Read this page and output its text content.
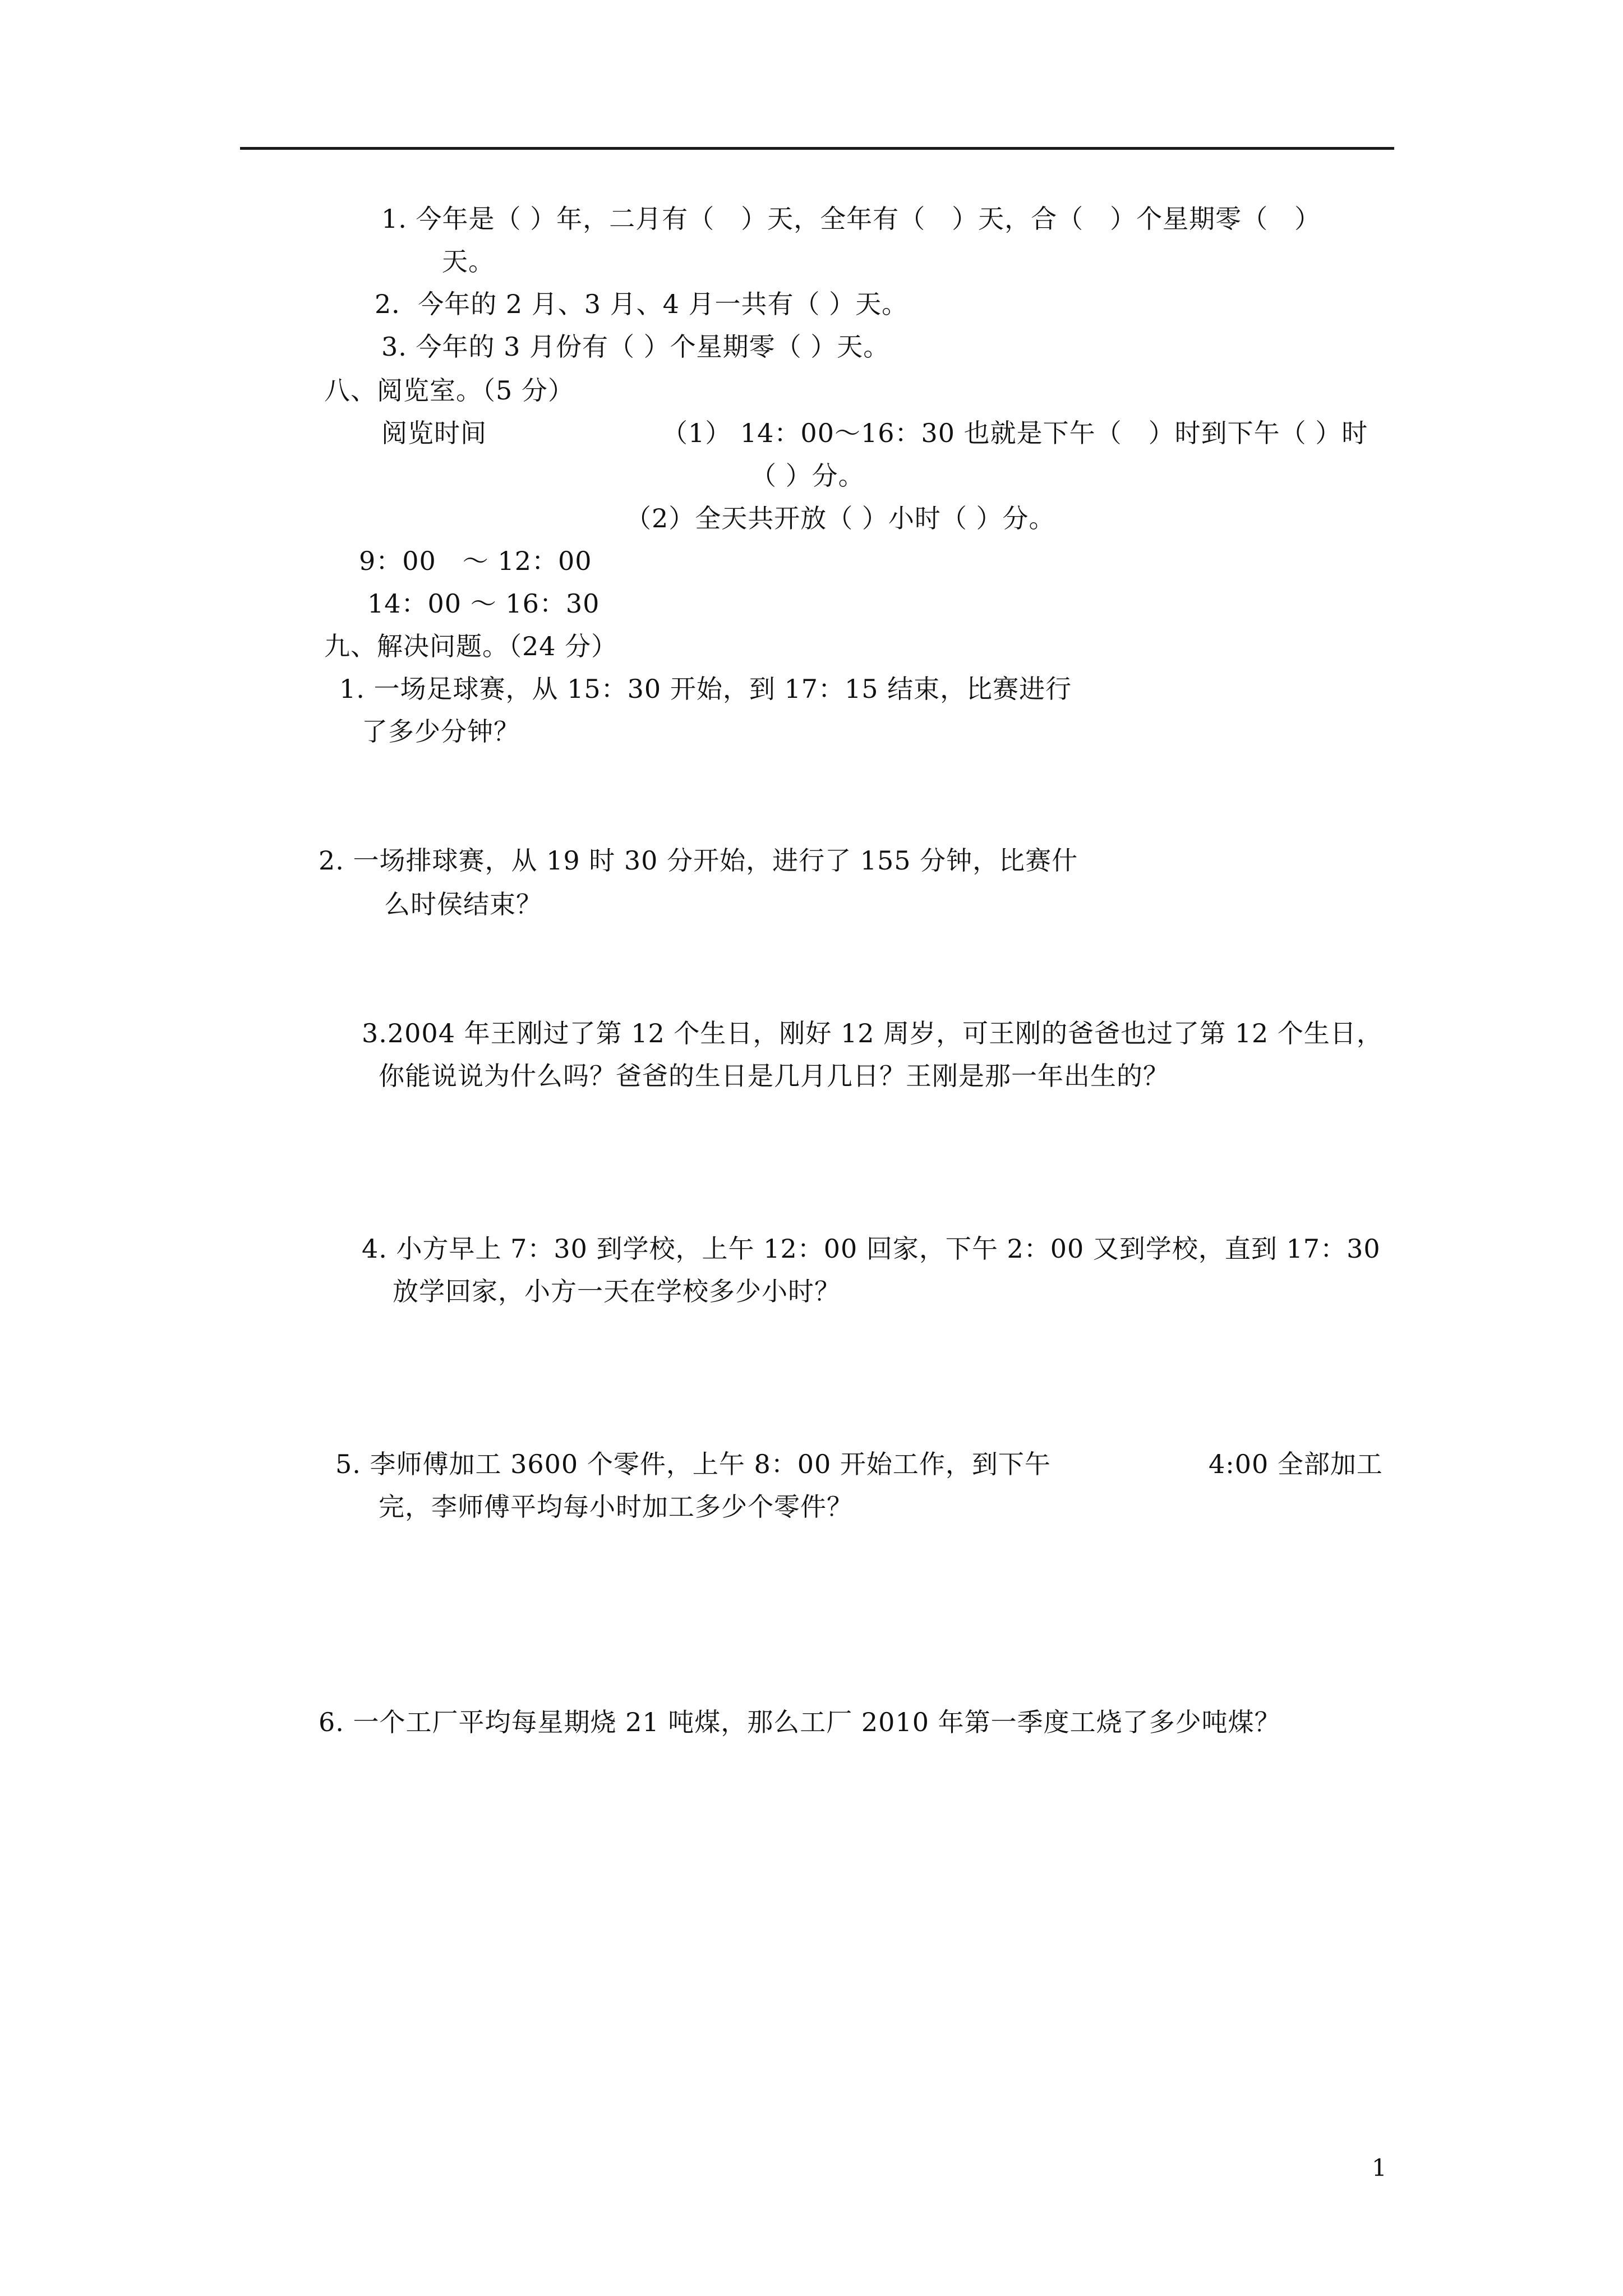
1. 今年是（ ）年，二月有（　）天，全年有（　）天，合（　）个星期零（　）
天。
2．今年的 2 月、3 月、4 月一共有（ ）天。
3. 今年的 3 月份有（ ）个星期零（ ）天。
八、阅览室。（5 分）
阅览时间	（1） 14：00～16：30 也就是下午（　）时到下午（ ）时
（ ）分。
（2）全天共开放（ ）小时（ ）分。
9：00　～ 12：00
14：00 ～ 16：30
九、解决问题。（24 分）
1. 一场足球赛，从 15：30 开始，到 17：15 结束，比赛进行
了多少分钟？
2. 一场排球赛，从 19 时 30 分开始，进行了 155 分钟，比赛什
么时侯结束？
3.2004 年王刚过了第 12 个生日，刚好 12 周岁，可王刚的爸爸也过了第 12 个生日，
你能说说为什么吗？爸爸的生日是几月几日？王刚是那一年出生的？
4. 小方早上 7：30 到学校，上午 12：00 回家，下午 2：00 又到学校，直到 17：30
放学回家，小方一天在学校多少小时？
5. 李师傅加工 3600 个零件，上午 8：00 开始工作，到下午	4:00 全部加工
完，李师傅平均每小时加工多少个零件？
6. 一个工厂平均每星期烧 21 吨煤，那么工厂 2010 年第一季度工烧了多少吨煤？
1
